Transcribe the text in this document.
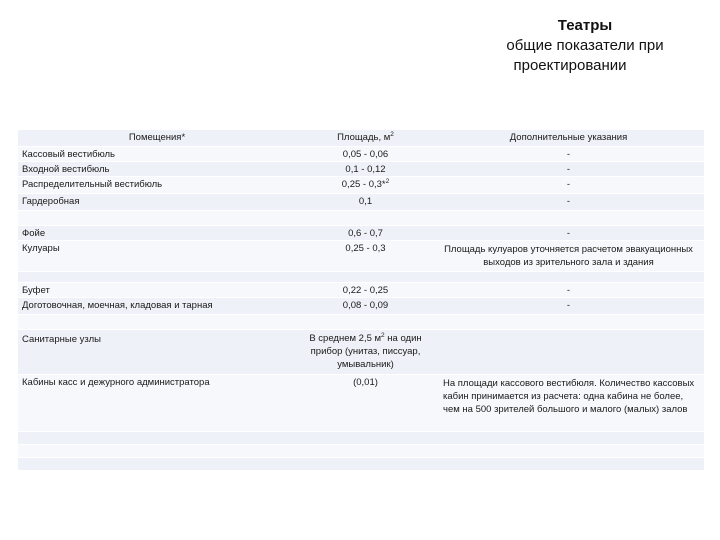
Театры
общие показатели при
проектировании
Помещения*	Площадь, $м^2$	Дополнительные указания
Кассовый вестибюль	0,05 - 0,06	-
Входной вестибюль	0,1 - 0,12	-
Распределительный вестибюль	0,25 - 0,3*$^2$	-
Гардеробная	0,1	-
Фойе	0,6 - 0,7	-
Кулуары	0,25 - 0,3	Площадь кулуаров уточняется расчетом эвакуационных выходов из зрительного зала и здания
Буфет	0,22 - 0,25	-
Доготовочная, моечная, кладовая и тарная	0,08 - 0,09	-
Санитарные узлы	В среднем 2,5 $м^2$ на один прибор (унитаз, писсуар, умывальник)
Кабины касс и дежурного администратора	(0,01)	На площади кассового вестибюля. Количество кассовых кабин принимается из расчета: одна кабина не более, чем на 500 зрителей большого и малого (малых) залов
